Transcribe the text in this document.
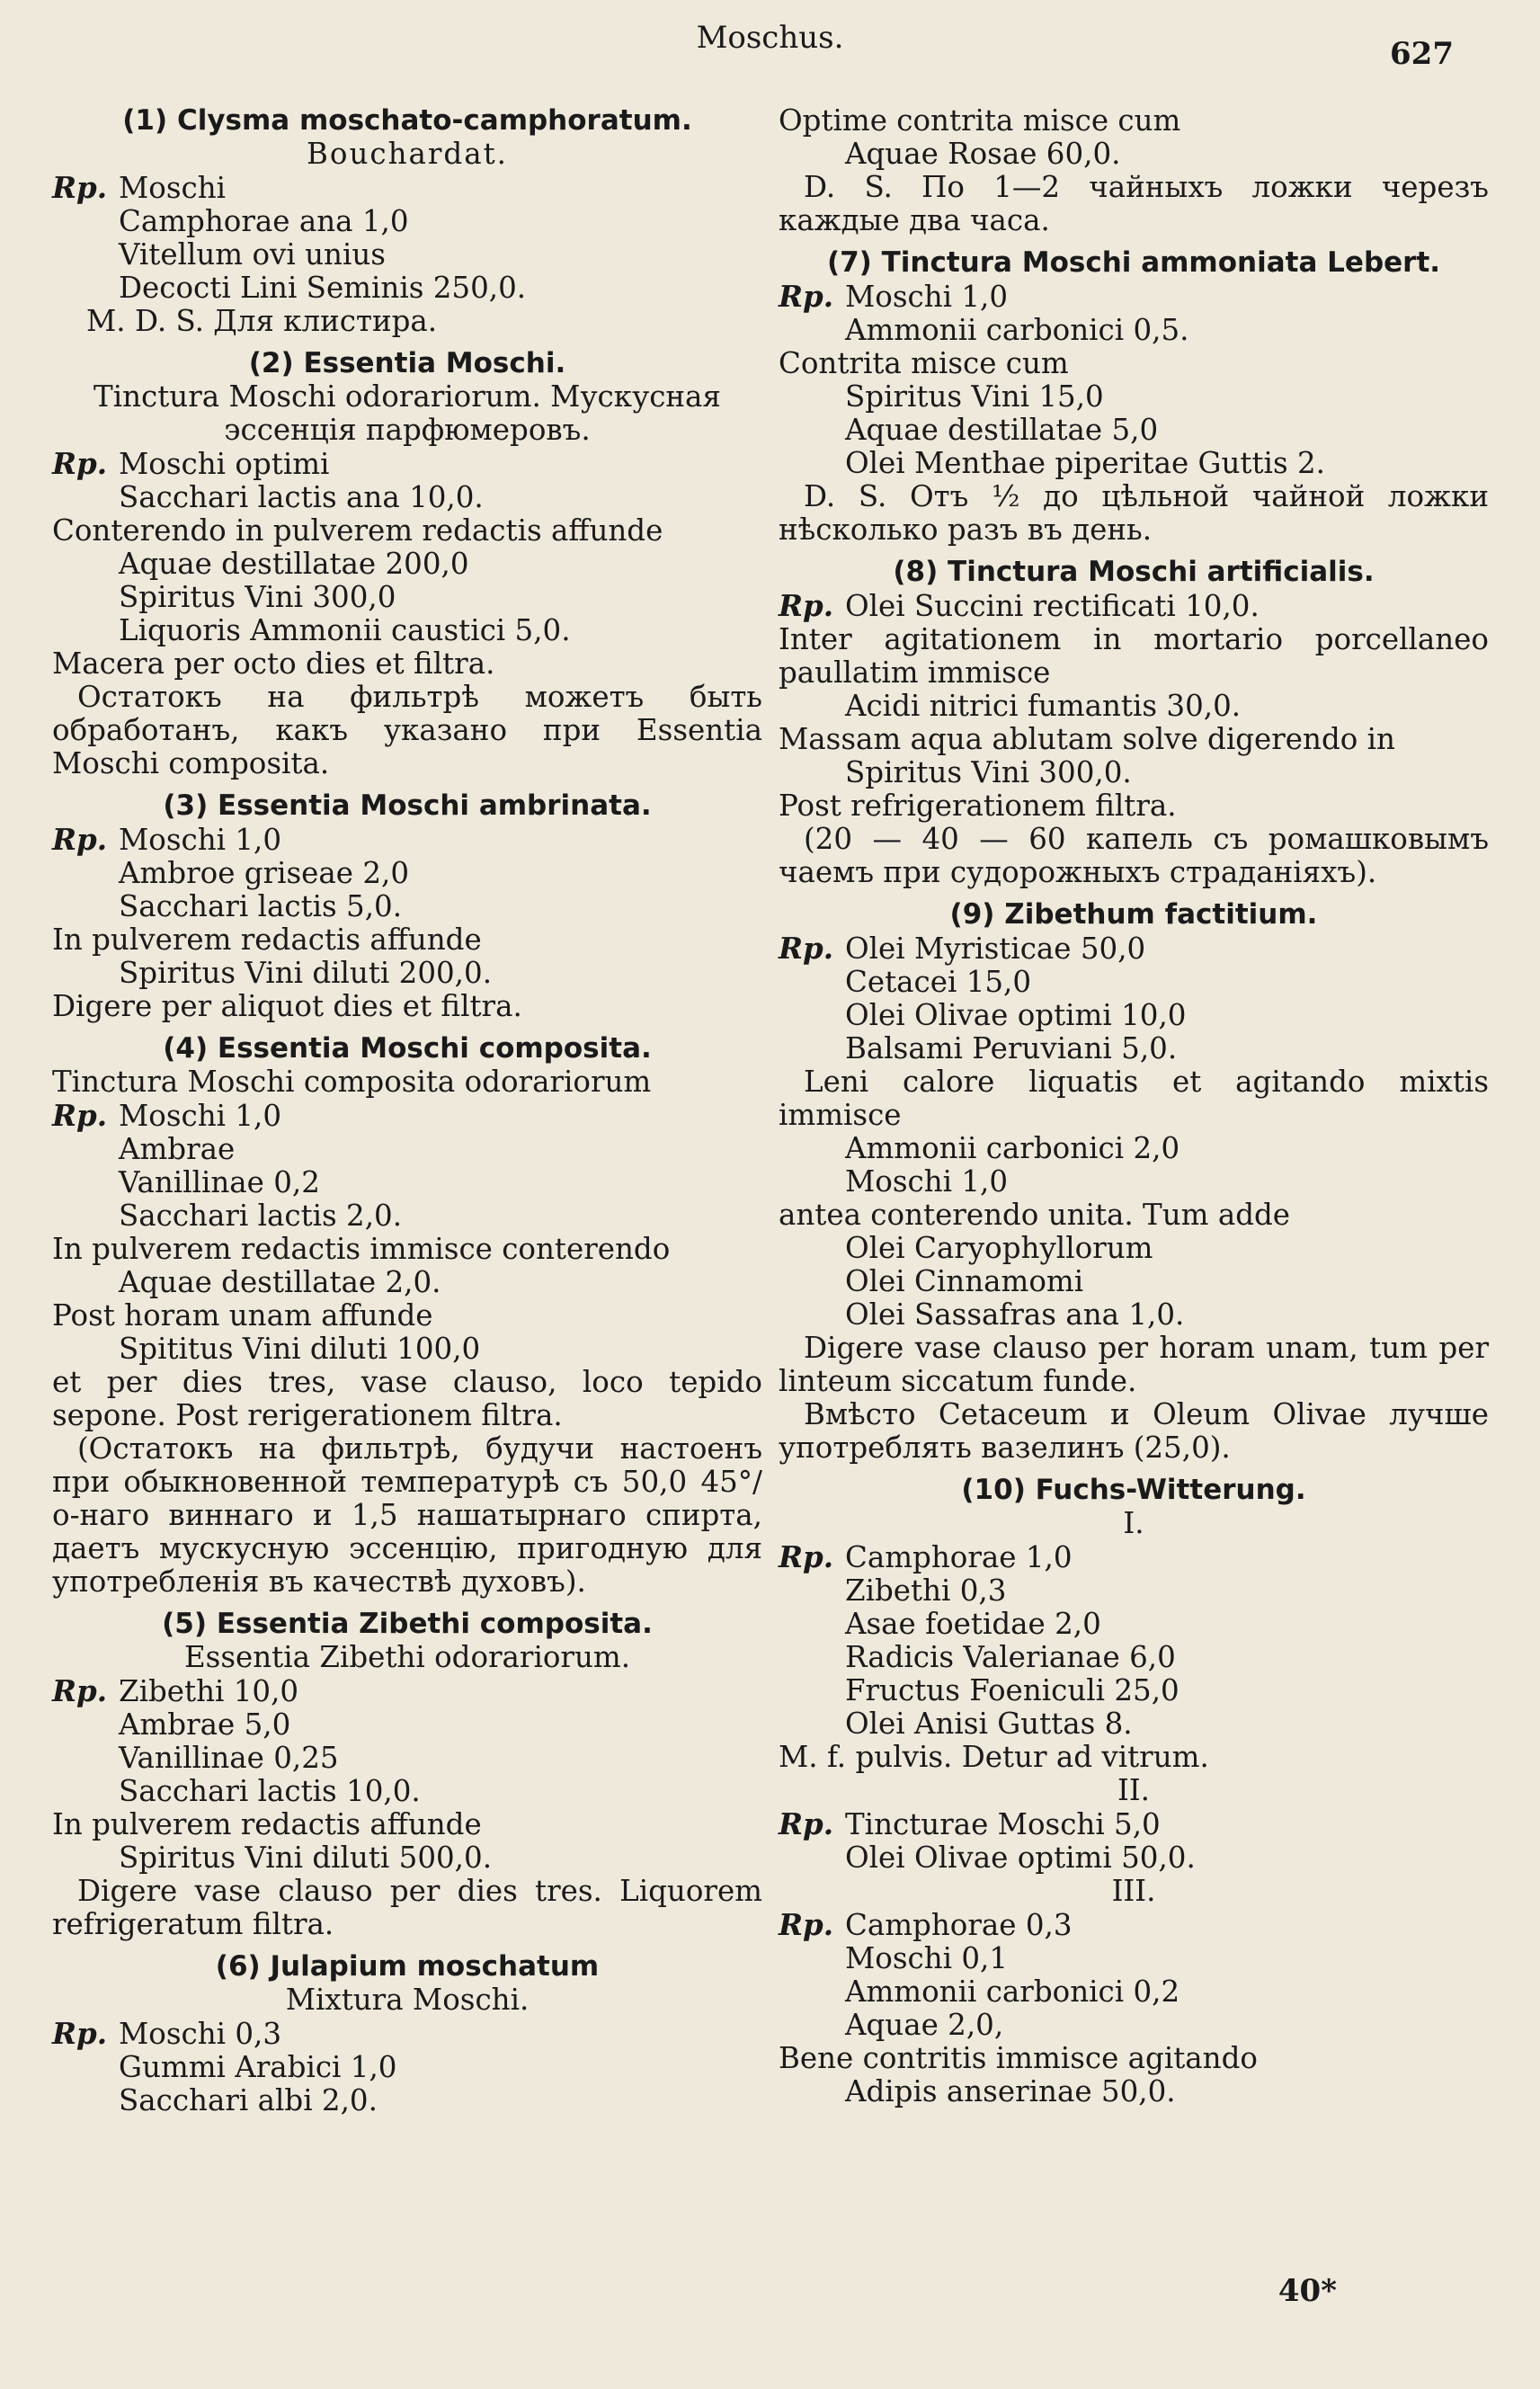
Moschus.	627
(1) Clysma moschato-camphoratum.
Bouchardat.
Rp. Moschi
Camphorae ana 1,0
Vitellum ovi unius
Decocti Lini Seminis 250,0.
M. D. S. Для клистира.
(2) Essentia Moschi.
Tinctura Moschi odorariorum. Мускусная эссенція парфюмеровъ.
Rp. Moschi optimi
Sacchari lactis ana 10,0.
Conterendo in pulverem redactis affunde
Aquae destillatae 200,0
Spiritus Vini 300,0
Liquoris Ammonii caustici 5,0.
Macera per octo dies et filtra.
Остатокъ на фильтрѣ можетъ быть обработанъ, какъ указано при Essentia Moschi composita.
(3) Essentia Moschi ambrinata.
Rp. Moschi 1,0
Ambroe griseae 2,0
Sacchari lactis 5,0.
In pulverem redactis affunde
Spiritus Vini diluti 200,0.
Digere per aliquot dies et filtra.
(4) Essentia Moschi composita.
Tinctura Moschi composita odorariorum
Rp. Moschi 1,0
Ambrae
Vanillinae 0,2
Sacchari lactis 2,0.
In pulverem redactis immisce conterendo
Aquae destillatae 2,0.
Post horam unam affunde
Spititus Vini diluti 100,0
et per dies tres, vase clauso, loco tepido sepone. Post rerigerationem filtra.
(Остатокъ на фильтрѣ, будучи настоенъ при обыкновенной температурѣ съ 50,0 45°/о-наго виннаго и 1,5 нашатырнаго спирта, даетъ мускусную эссенцію, пригодную для употребленія въ качествѣ духовъ).
(5) Essentia Zibethi composita.
Essentia Zibethi odorariorum.
Rp. Zibethi 10,0
Ambrae 5,0
Vanillinae 0,25
Sacchari lactis 10,0.
In pulverem redactis affunde
Spiritus Vini diluti 500,0.
Digere vase clauso per dies tres. Liquorem refrigeratum filtra.
(6) Julapium moschatum
Mixtura Moschi.
Rp. Moschi 0,3
Gummi Arabici 1,0
Sacchari albi 2,0.
Optime contrita misce cum
Aquae Rosae 60,0.
D. S. По 1—2 чайныхъ ложки черезъ каждые два часа.
(7) Tinctura Moschi ammoniata Lebert.
Rp. Moschi 1,0
Ammonii carbonici 0,5.
Contrita misce cum
Spiritus Vini 15,0
Aquae destillatae 5,0
Olei Menthae piperitae Guttis 2.
D. S. Отъ ½ до цѣльной чайной ложки нѣсколько разъ въ день.
(8) Tinctura Moschi artificialis.
Rp. Olei Succini rectificati 10,0.
Inter agitationem in mortario porcellaneo paullatim immisce
Acidi nitrici fumantis 30,0.
Massam aqua ablutam solve digerendo in
Spiritus Vini 300,0.
Post refrigerationem filtra.
(20 — 40 — 60 капель съ ромашковымъ чаемъ при судорожныхъ страданіяхъ).
(9) Zibethum factitium.
Rp. Olei Myristicae 50,0
Cetacei 15,0
Olei Olivae optimi 10,0
Balsami Peruviani 5,0.
Leni calore liquatis et agitando mixtis immisce
Ammonii carbonici 2,0
Moschi 1,0
antea conterendo unita. Tum adde
Olei Caryophyllorum
Olei Cinnamomi
Olei Sassafras ana 1,0.
Digere vase clauso per horam unam, tum per linteum siccatum funde.
Вмѣсто Cetaceum и Oleum Olivae лучше употреблять вазелинъ (25,0).
(10) Fuchs-Witterung.
I.
Rp. Camphorae 1,0
Zibethi 0,3
Asae foetidae 2,0
Radicis Valerianae 6,0
Fructus Foeniculi 25,0
Olei Anisi Guttas 8.
M. f. pulvis. Detur ad vitrum.
II.
Rp. Tincturae Moschi 5,0
Olei Olivae optimi 50,0.
III.
Rp. Camphorae 0,3
Moschi 0,1
Ammonii carbonici 0,2
Aquae 2,0,
Bene contritis immisce agitando
Adipis anserinae 50,0.
40*
